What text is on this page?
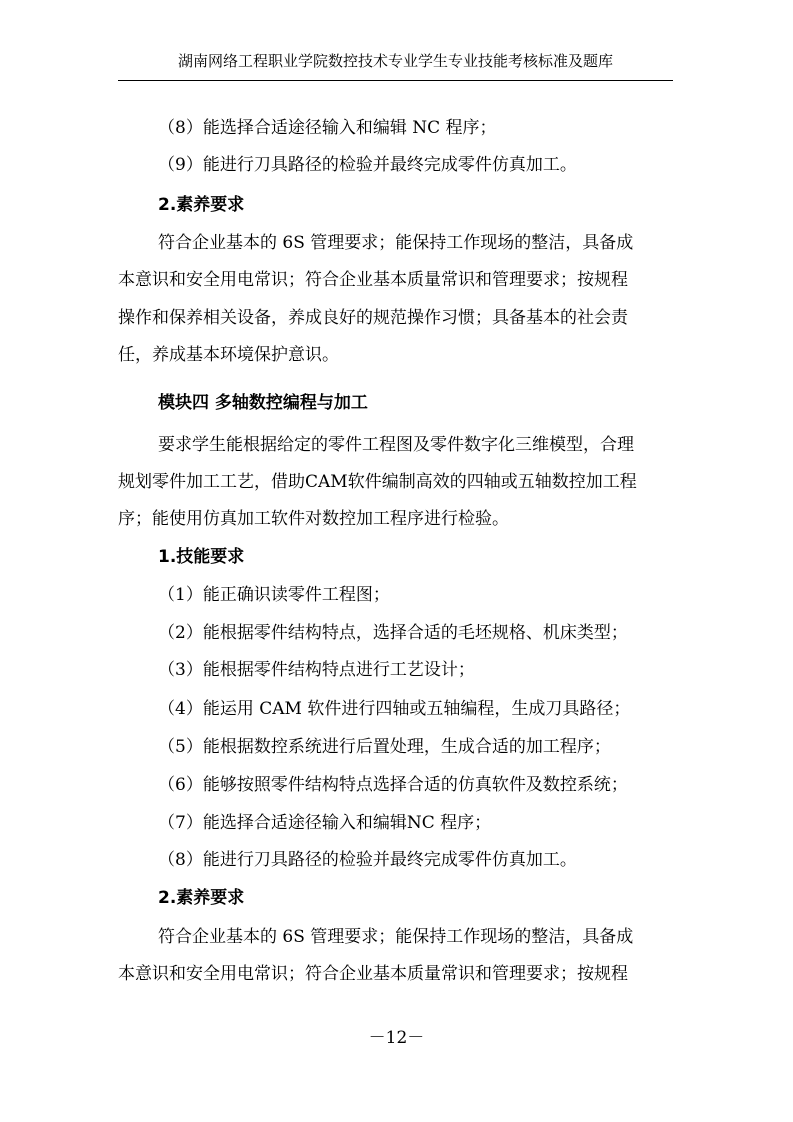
湖南网络工程职业学院数控技术专业学生专业技能考核标准及题库
（8）能选择合适途径输入和编辑 NC 程序；
（9）能进行刀具路径的检验并最终完成零件仿真加工。
2.素养要求
符合企业基本的 6S 管理要求；能保持工作现场的整洁，具备成
本意识和安全用电常识；符合企业基本质量常识和管理要求；按规程
操作和保养相关设备，养成良好的规范操作习惯；具备基本的社会责
任，养成基本环境保护意识。
模块四 多轴数控编程与加工
要求学生能根据给定的零件工程图及零件数字化三维模型，合理
规划零件加工工艺，借助CAM软件编制高效的四轴或五轴数控加工程
序；能使用仿真加工软件对数控加工程序进行检验。
1.技能要求
（1）能正确识读零件工程图；
（2）能根据零件结构特点，选择合适的毛坯规格、机床类型；
（3）能根据零件结构特点进行工艺设计；
（4）能运用 CAM 软件进行四轴或五轴编程，生成刀具路径；
（5）能根据数控系统进行后置处理，生成合适的加工程序；
（6）能够按照零件结构特点选择合适的仿真软件及数控系统；
（7）能选择合适途径输入和编辑NC 程序；
（8）能进行刀具路径的检验并最终完成零件仿真加工。
2.素养要求
符合企业基本的 6S 管理要求；能保持工作现场的整洁，具备成
本意识和安全用电常识；符合企业基本质量常识和管理要求；按规程
－12－
